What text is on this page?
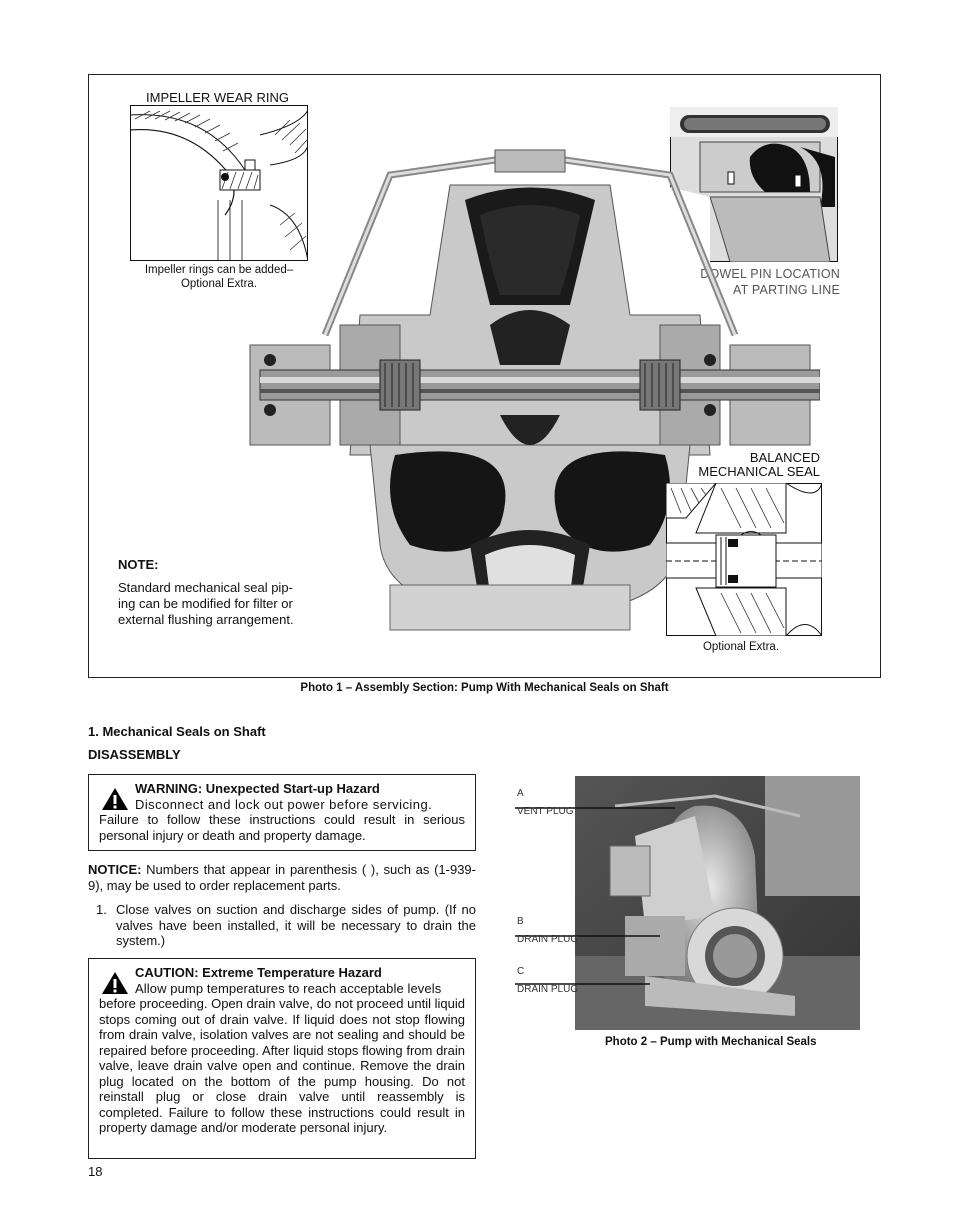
IMPELLER WEAR RING
Impeller rings can be added–
Optional Extra.
DOWEL PIN LOCATION
AT PARTING LINE
BALANCED
MECHANICAL SEAL
Optional Extra.
NOTE:
Standard mechanical seal pip-
ing can be modified for filter or
external flushing arrangement.
Photo 1 – Assembly Section: Pump With Mechanical Seals on Shaft
1. Mechanical Seals on Shaft
DISASSEMBLY
WARNING: Unexpected Start-up Hazard
Disconnect and lock out power before servicing.
Failure to follow these instructions could result in serious personal injury or death and property damage.
NOTICE: Numbers that appear in parenthesis ( ), such as (1-939-9), may be used to order replacement parts.
1. Close valves on suction and discharge sides of pump. (If no valves have been installed, it will be necessary to drain the system.)
CAUTION: Extreme Temperature Hazard
Allow pump temperatures to reach acceptable levels
before proceeding. Open drain valve, do not proceed until liquid stops coming out of drain valve. If liquid does not stop flowing from drain valve, isolation valves are not sealing and should be repaired before proceeding. After liquid stops flowing from drain valve, leave drain valve open and continue. Remove the drain plug located on the bottom of the pump housing. Do not reinstall plug or close drain valve until reassembly is completed. Failure to follow these instructions could result in property damage and/or moderate personal injury.
A
VENT PLUG
B
DRAIN PLUG
C
DRAIN PLUG
Photo 2 – Pump with Mechanical Seals
18
